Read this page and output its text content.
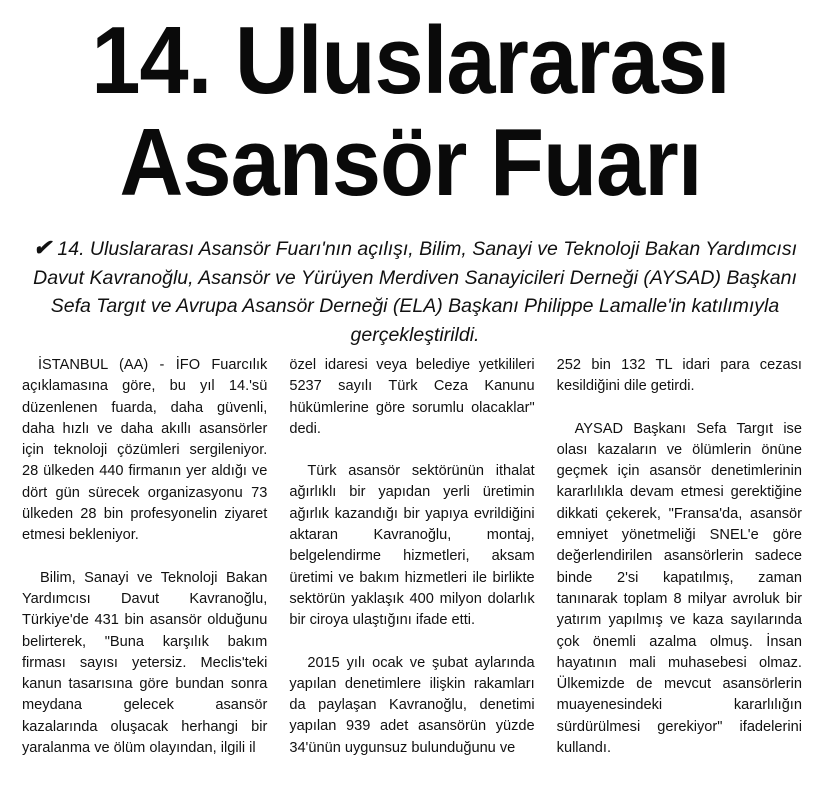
14. Uluslararası
Asansör Fuarı
✔ 14. Uluslararası Asansör Fuarı'nın açılışı, Bilim, Sanayi ve Teknoloji Bakan Yardımcısı Davut Kavranoğlu, Asansör ve Yürüyen Merdiven Sanayicileri Derneği (AYSAD) Başkanı Sefa Targıt ve Avrupa Asansör Derneği (ELA) Başkanı Philippe Lamalle'in katılımıyla gerçekleştirildi.

İSTANBUL (AA) - İFO Fuarcılık açıklamasına göre, bu yıl 14.'sü düzenlenen fuarda, daha güvenli, daha hızlı ve daha akıllı asansörler için teknoloji çözümleri sergileniyor. 28 ülkeden 440 firmanın yer aldığı ve dört gün sürecek organizasyonu 73 ülkeden 28 bin profesyonelin ziyaret etmesi bekleniyor.

Bilim, Sanayi ve Teknoloji Bakan Yardımcısı Davut Kavranoğlu, Türkiye'de 431 bin asansör olduğunu belirterek, "Buna karşılık bakım firması sayısı yetersiz. Meclis'teki kanun tasarısına göre bundan sonra meydana gelecek asansör kazalarında oluşacak herhangi bir yaralanma ve ölüm olayından, ilgili il

özel idaresi veya belediye yetkilileri 5237 sayılı Türk Ceza Kanunu hükümlerine göre sorumlu olacaklar" dedi.

Türk asansör sektörünün ithalat ağırlıklı bir yapıdan yerli üretimin ağırlık kazandığı bir yapıya evrildiğini aktaran Kavranoğlu, montaj, belgelendirme hizmetleri, aksam üretimi ve bakım hizmetleri ile birlikte sektörün yaklaşık 400 milyon dolarlık bir ciroya ulaştığını ifade etti.

2015 yılı ocak ve şubat aylarında yapılan denetimlere ilişkin rakamları da paylaşan Kavranoğlu, denetimi yapılan 939 adet asansörün yüzde 34'ünün uygunsuz bulunduğunu ve

252 bin 132 TL idari para cezası kesildiğini dile getirdi.

AYSAD Başkanı Sefa Targıt ise olası kazaların ve ölümlerin önüne geçmek için asansör denetimlerinin kararlılıkla devam etmesi gerektiğine dikkati çekerek, "Fransa'da, asansör emniyet yönetmeliği SNEL'e göre değerlendirilen asansörlerin sadece binde 2'si kapatılmış, zaman tanınarak toplam 8 milyar avroluk bir yatırım yapılmış ve kaza sayılarında çok önemli azalma olmuş. İnsan hayatının mali muhasebesi olmaz. Ülkemizde de mevcut asansörlerin muayenesindeki kararlılığın sürdürülmesi gerekiyor" ifadelerini kullandı.
